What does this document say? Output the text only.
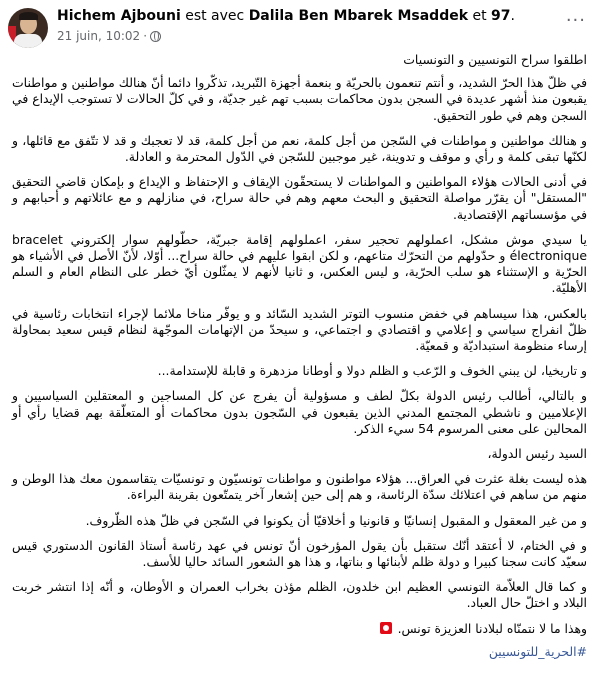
Hichem Ajbouni est avec Dalila Ben Mbarek Msaddek et 97.
21 juin, 10:02 ·
···

اطلقوا سراح التونسيين و التونسيات

في ظلّ هذا الحرّ الشديد، و أنتم تنعمون بالحريّة و بنعمة أجهزة التّبريد، تذكّروا دائما أنّ هنالك مواطنين و مواطنات يقبعون منذ أشهر عديدة في السجن بدون محاكمات بسبب تهم غير جديّة، و في كلّ الحالات لا تستوجب الإيداع في السجن وهم في طور التحقيق.

و هنالك مواطنين و مواطنات في السّجن من أجل كلمة، نعم من أجل كلمة، قد لا تعجبك و قد لا تتّفق مع قائلها، و لكنّها تبقى كلمة و رأي و موقف و تدوينة، غير موجبين للسّجن في الدّول المحترمة و العادلة.

في أدنى الحالات هؤلاء المواطنين و المواطنات لا يستحقّون الإيقاف و الإحتفاظ و الإيداع و بإمكان قاضي التحقيق "المستقل" أن يقرّر مواصلة التحقيق و البحث معهم وهم في حالة سراح، في منازلهم و مع عائلاتهم و أحبابهم و في مؤسساتهم الإقتصادية.

يا سيدي موش مشكل، اعملولهم تحجير سفر، اعملولهم إقامة جبريّة، حطّولهم سوار إلكتروني bracelet électronique و حدّولهم من التحرّك متاعهم، و لكن ابقوا عليهم في حالة سراح... أوّلا، لأنّ الأصل في الأشياء هو الحرّية و الإستثناء هو سلب الحرّية، و ليس العكس، و ثانيا لأنهم لا يمثّلون أيّ خطر على النظام العام و السلم الأهليّة.

بالعكس، هذا سيساهم في خفض منسوب التوتر الشديد السّائد و و يوفّر مناخا ملائما لإجراء انتخابات رئاسية في ظلّ انفراج سياسي و إعلامي و اقتصادي و اجتماعي، و سيحدّ من الإتهامات الموجّهة لنظام قيس سعيد بمحاولة إرساء منظومة استبداديّة و قمعيّة.

و تاريخيا، لن يبني الخوف و الرّعب و الظلم دولا و أوطانا مزدهرة و قابلة للإستدامة...

و بالتالي، أطالب رئيس الدولة بكلّ لطف و مسؤولية أن يفرج عن كل المساجين و المعتقلين السياسيين و الإعلاميين و ناشطي المجتمع المدني الذين يقبعون في السّجون بدون محاكمات أو المتعلّقة بهم قضايا رأي أو المحالين على معنى المرسوم 54 سيء الذكر.

السيد رئيس الدولة،

هذه ليست بغلة عثرت في العراق... هؤلاء مواطنون و مواطنات تونسيّون و تونسيّات يتقاسمون معك هذا الوطن و منهم من ساهم في اعتلائك سدّة الرئاسة، و هم إلى حين إشعار آخر يتمتّعون بقرينة البراءة.

و من غير المعقول و المقبول إنسانيّا و قانونيا و أخلاقيّا أن يكونوا في السّجن في ظلّ هذه الظّروف.

و في الختام، لا أعتقد أنّك ستقبل بأن يقول المؤرخون أنّ تونس في عهد رئاسة أستاذ القانون الدستوري قيس سعيّد كانت سجنا كبيرا و دولة ظلم لأبنائها و بناتها، و هذا هو الشعور السائد حاليا للأسف.

و كما قال العلاّمة التونسي العظيم ابن خلدون، الظلم مؤذن بخراب العمران و الأوطان، و أنّه إذا انتشر خربت البلاد و اختلّ حال العباد.

وهذا ما لا نتمنّاه لبلادنا العزيزة تونس.

#الحرية_للتونسيين
